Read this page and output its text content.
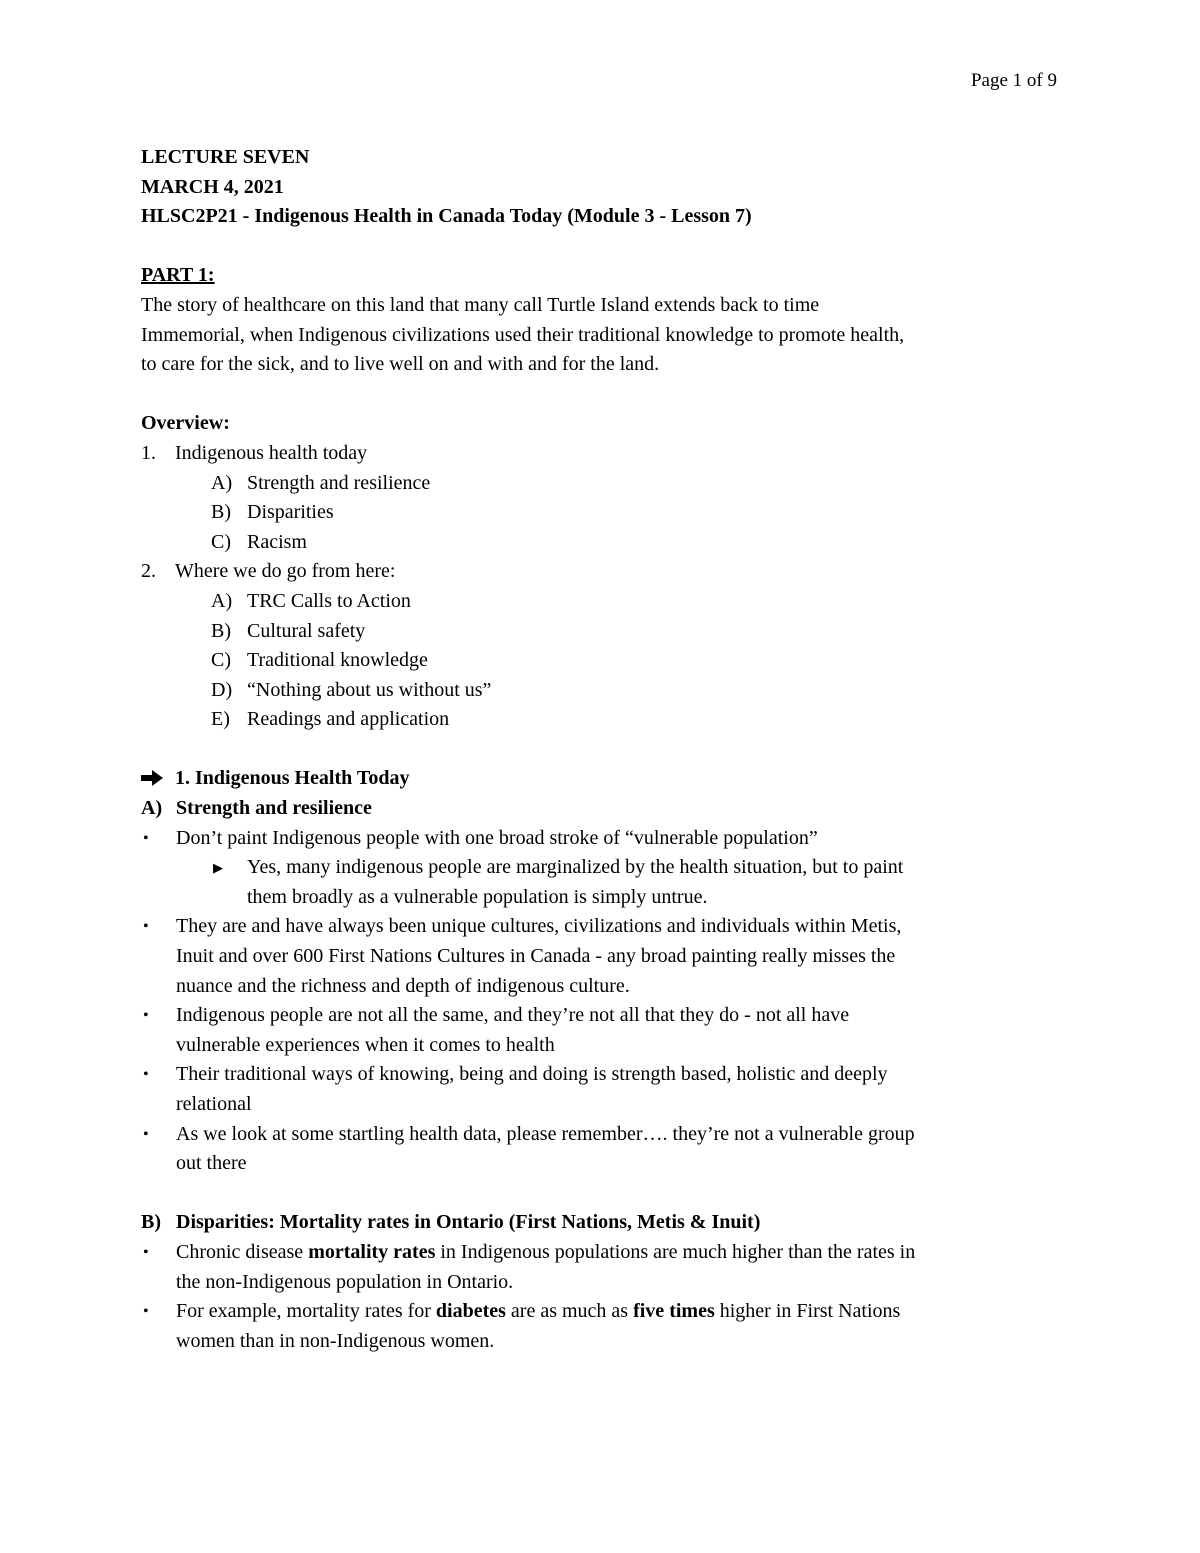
Page 1 of 9
LECTURE SEVEN
MARCH 4, 2021
HLSC2P21 - Indigenous Health in Canada Today (Module 3 - Lesson 7)
PART 1:
The story of healthcare on this land that many call Turtle Island extends back to time
Immemorial, when Indigenous civilizations used their traditional knowledge to promote health,
to care for the sick, and to live well on and with and for the land.
Overview:
1. Indigenous health today
A) Strength and resilience
B) Disparities
C) Racism
2. Where we do go from here:
A) TRC Calls to Action
B) Cultural safety
C) Traditional knowledge
D) “Nothing about us without us”
E) Readings and application
1. Indigenous Health Today
A) Strength and resilience
•	Don’t paint Indigenous people with one broad stroke of “vulnerable population”
▶ Yes, many indigenous people are marginalized by the health situation, but to paint
them broadly as a vulnerable population is simply untrue.
•	They are and have always been unique cultures, civilizations and individuals within Metis,
Inuit and over 600 First Nations Cultures in Canada - any broad painting really misses the
nuance and the richness and depth of indigenous culture.
•	Indigenous people are not all the same, and they’re not all that they do - not all have
vulnerable experiences when it comes to health
•	Their traditional ways of knowing, being and doing is strength based, holistic and deeply
relational
•	As we look at some startling health data, please remember…. they’re not a vulnerable group
out there
B) Disparities: Mortality rates in Ontario (First Nations, Metis & Inuit)
•	Chronic disease mortality rates in Indigenous populations are much higher than the rates in
the non-Indigenous population in Ontario.
•	For example, mortality rates for diabetes are as much as five times higher in First Nations
women than in non-Indigenous women.
